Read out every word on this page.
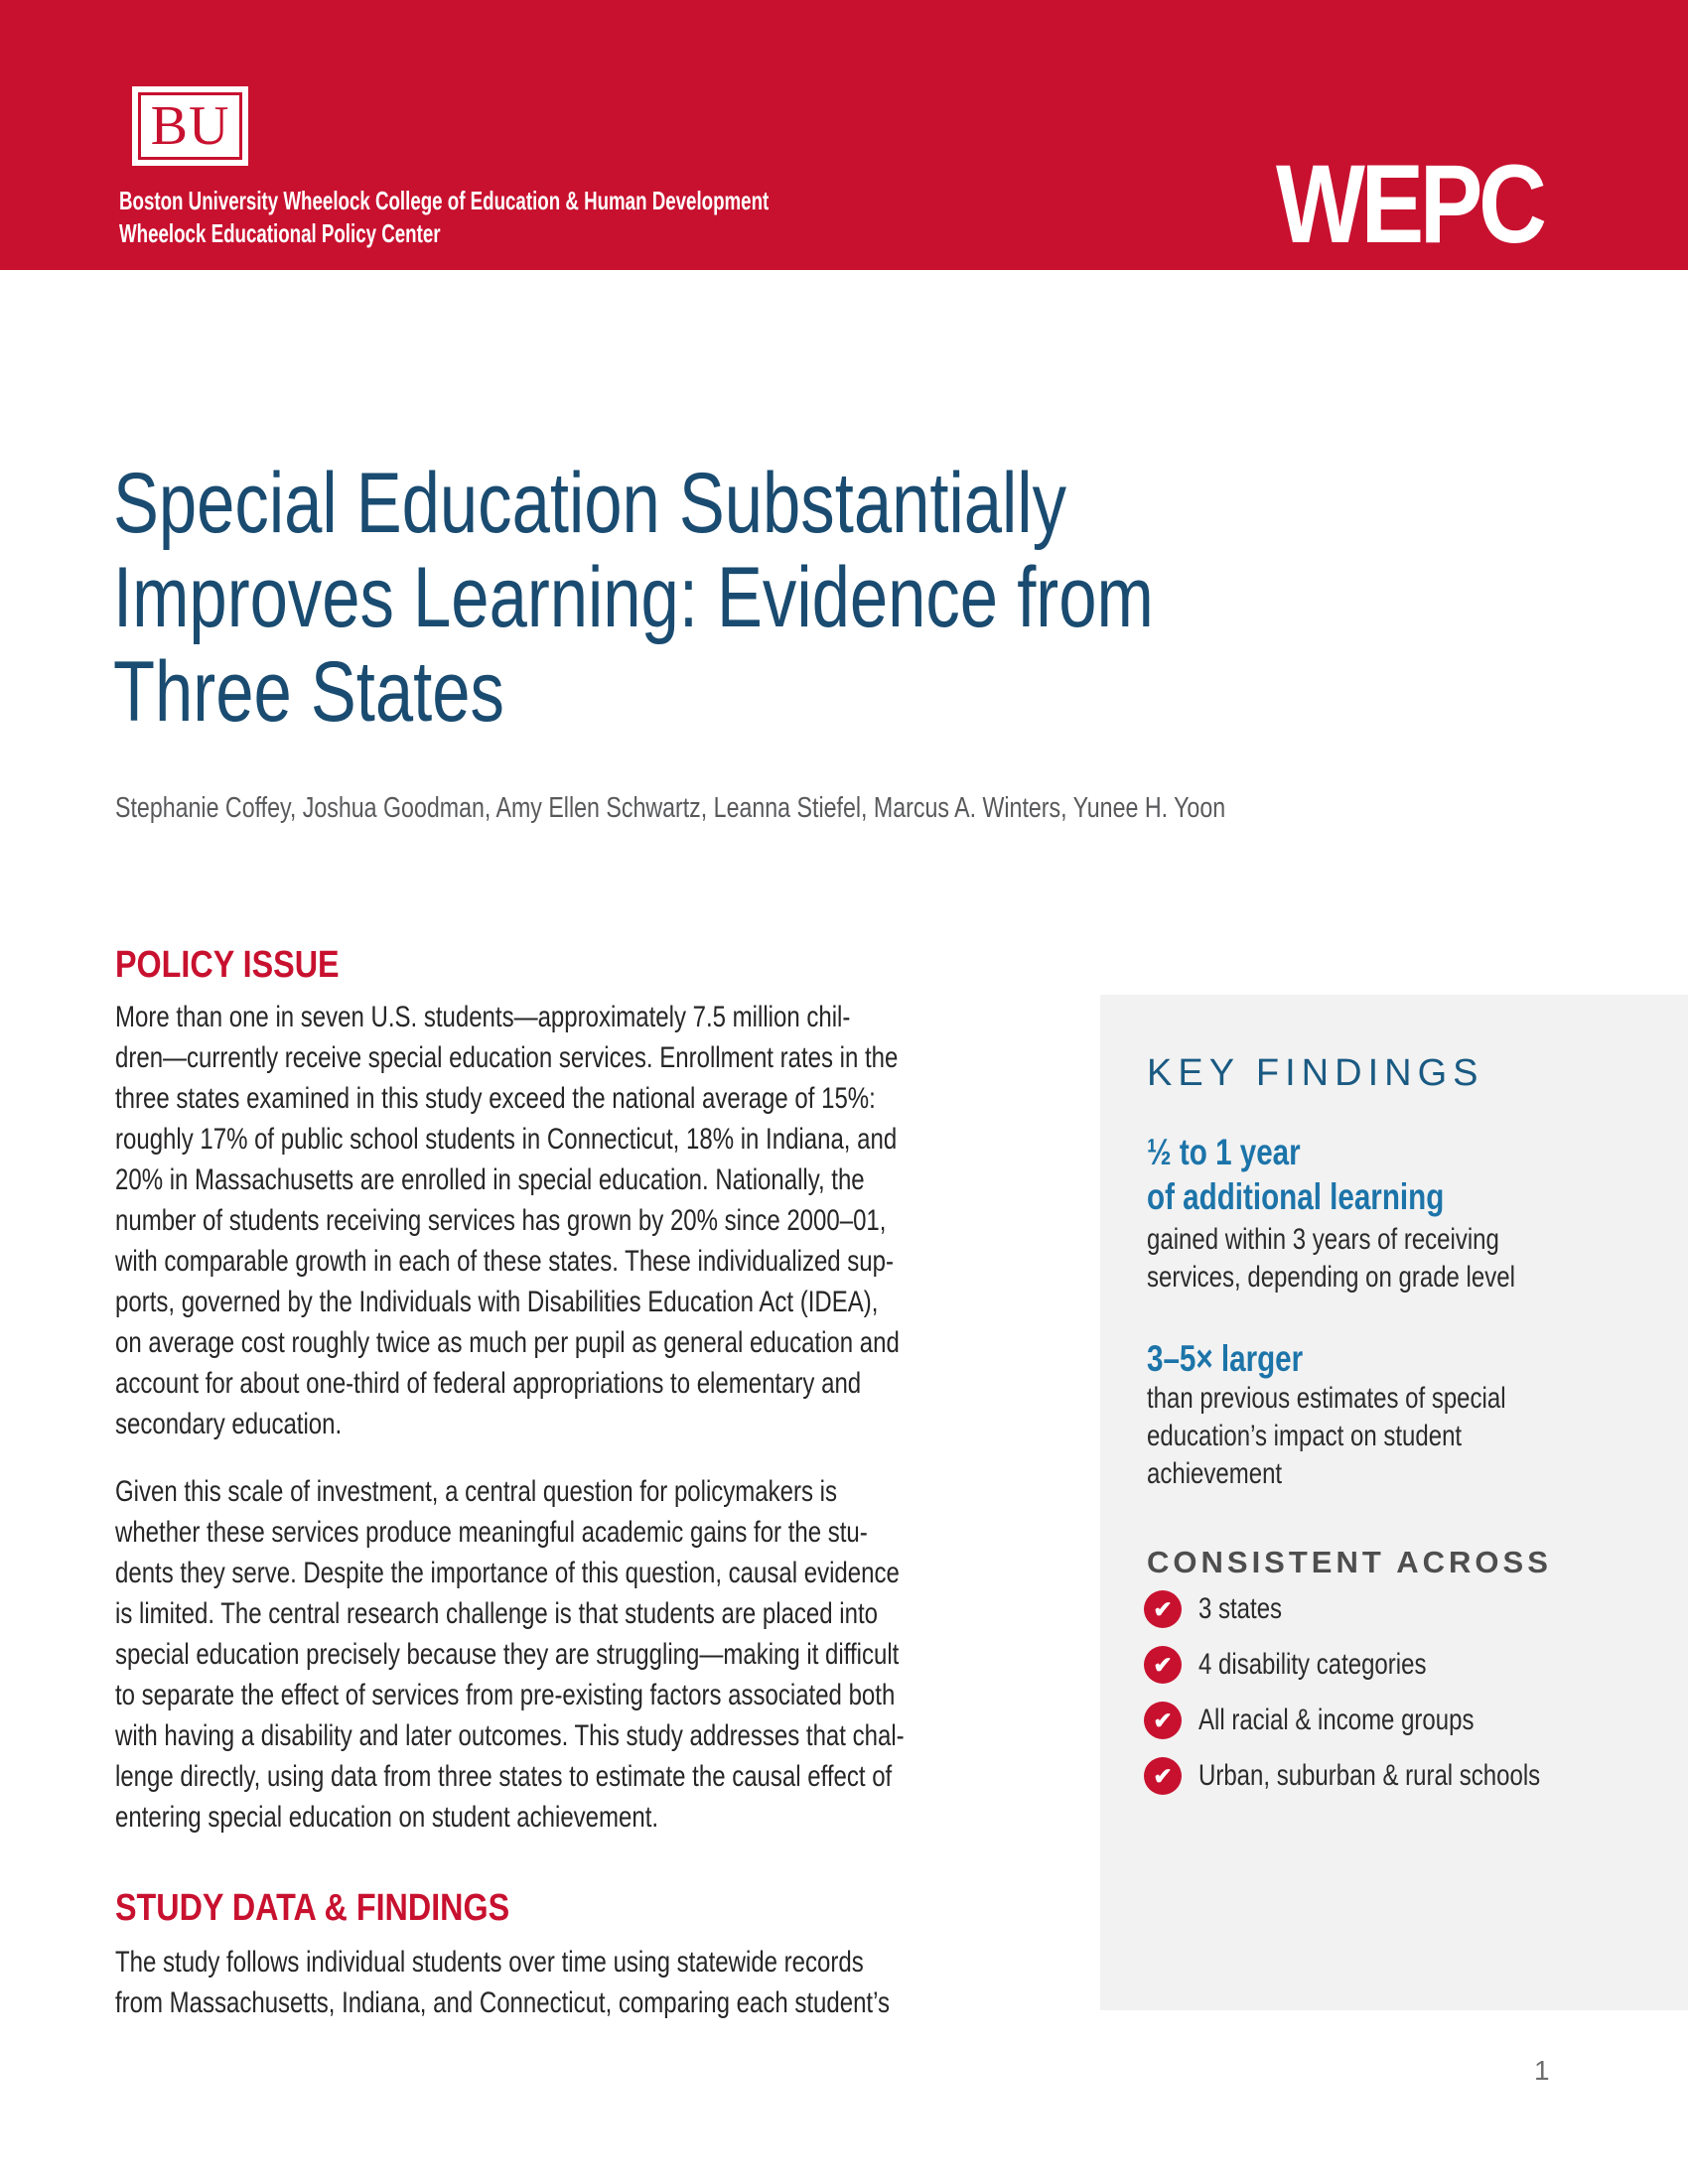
BU
Boston University Wheelock College of Education & Human Development
Wheelock Educational Policy Center	WEPC
Special Education Substantially
Improves Learning: Evidence from
Three States
Stephanie Coffey, Joshua Goodman, Amy Ellen Schwartz, Leanna Stiefel, Marcus A. Winters, Yunee H. Yoon
POLICY ISSUE
More than one in seven U.S. students—approximately 7.5 million chil-
dren—currently receive special education services. Enrollment rates in the
three states examined in this study exceed the national average of 15%:
roughly 17% of public school students in Connecticut, 18% in Indiana, and
20% in Massachusetts are enrolled in special education. Nationally, the
number of students receiving services has grown by 20% since 2000–01,
with comparable growth in each of these states. These individualized sup-
ports, governed by the Individuals with Disabilities Education Act (IDEA),
on average cost roughly twice as much per pupil as general education and
account for about one-third of federal appropriations to elementary and
secondary education.
Given this scale of investment, a central question for policymakers is
whether these services produce meaningful academic gains for the stu-
dents they serve. Despite the importance of this question, causal evidence
is limited. The central research challenge is that students are placed into
special education precisely because they are struggling—making it difficult
to separate the effect of services from pre-existing factors associated both
with having a disability and later outcomes. This study addresses that chal-
lenge directly, using data from three states to estimate the causal effect of
entering special education on student achievement.
STUDY DATA & FINDINGS
The study follows individual students over time using statewide records
from Massachusetts, Indiana, and Connecticut, comparing each student’s
KEY FINDINGS
½ to 1 year
of additional learning
gained within 3 years of receiving
services, depending on grade level
3–5× larger
than previous estimates of special
education’s impact on student
achievement
CONSISTENT ACROSS
✔ 3 states
✔ 4 disability categories
✔ All racial & income groups
✔ Urban, suburban & rural schools
1
